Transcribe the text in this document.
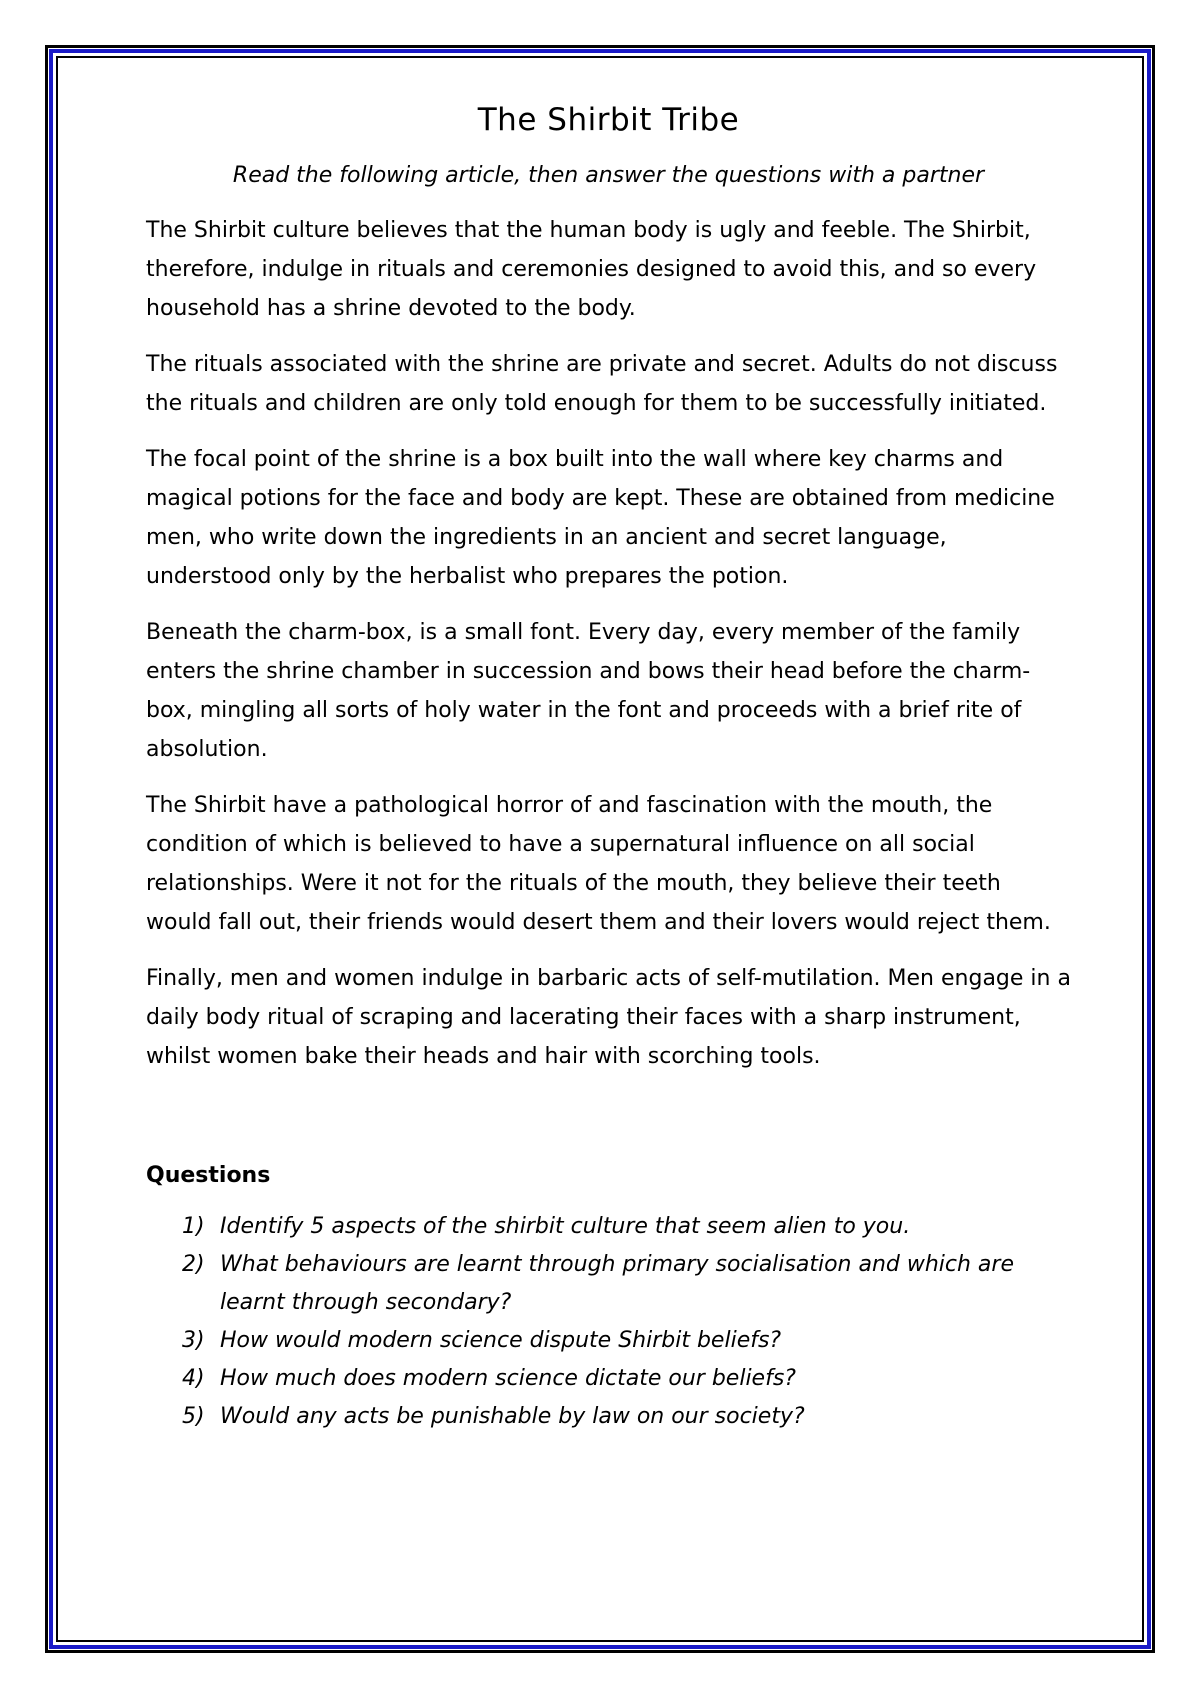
The Shirbit Tribe

Read the following article, then answer the questions with a partner

The Shirbit culture believes that the human body is ugly and feeble. The Shirbit, therefore, indulge in rituals and ceremonies designed to avoid this, and so every household has a shrine devoted to the body.

The rituals associated with the shrine are private and secret. Adults do not discuss the rituals and children are only told enough for them to be successfully initiated.

The focal point of the shrine is a box built into the wall where key charms and magical potions for the face and body are kept. These are obtained from medicine men, who write down the ingredients in an ancient and secret language, understood only by the herbalist who prepares the potion.

Beneath the charm-box, is a small font. Every day, every member of the family enters the shrine chamber in succession and bows their head before the charm-box, mingling all sorts of holy water in the font and proceeds with a brief rite of absolution.

The Shirbit have a pathological horror of and fascination with the mouth, the condition of which is believed to have a supernatural influence on all social relationships. Were it not for the rituals of the mouth, they believe their teeth would fall out, their friends would desert them and their lovers would reject them.

Finally, men and women indulge in barbaric acts of self-mutilation. Men engage in a daily body ritual of scraping and lacerating their faces with a sharp instrument, whilst women bake their heads and hair with scorching tools.

Questions
1) Identify 5 aspects of the shirbit culture that seem alien to you.
2) What behaviours are learnt through primary socialisation and which are learnt through secondary?
3) How would modern science dispute Shirbit beliefs?
4) How much does modern science dictate our beliefs?
5) Would any acts be punishable by law on our society?
